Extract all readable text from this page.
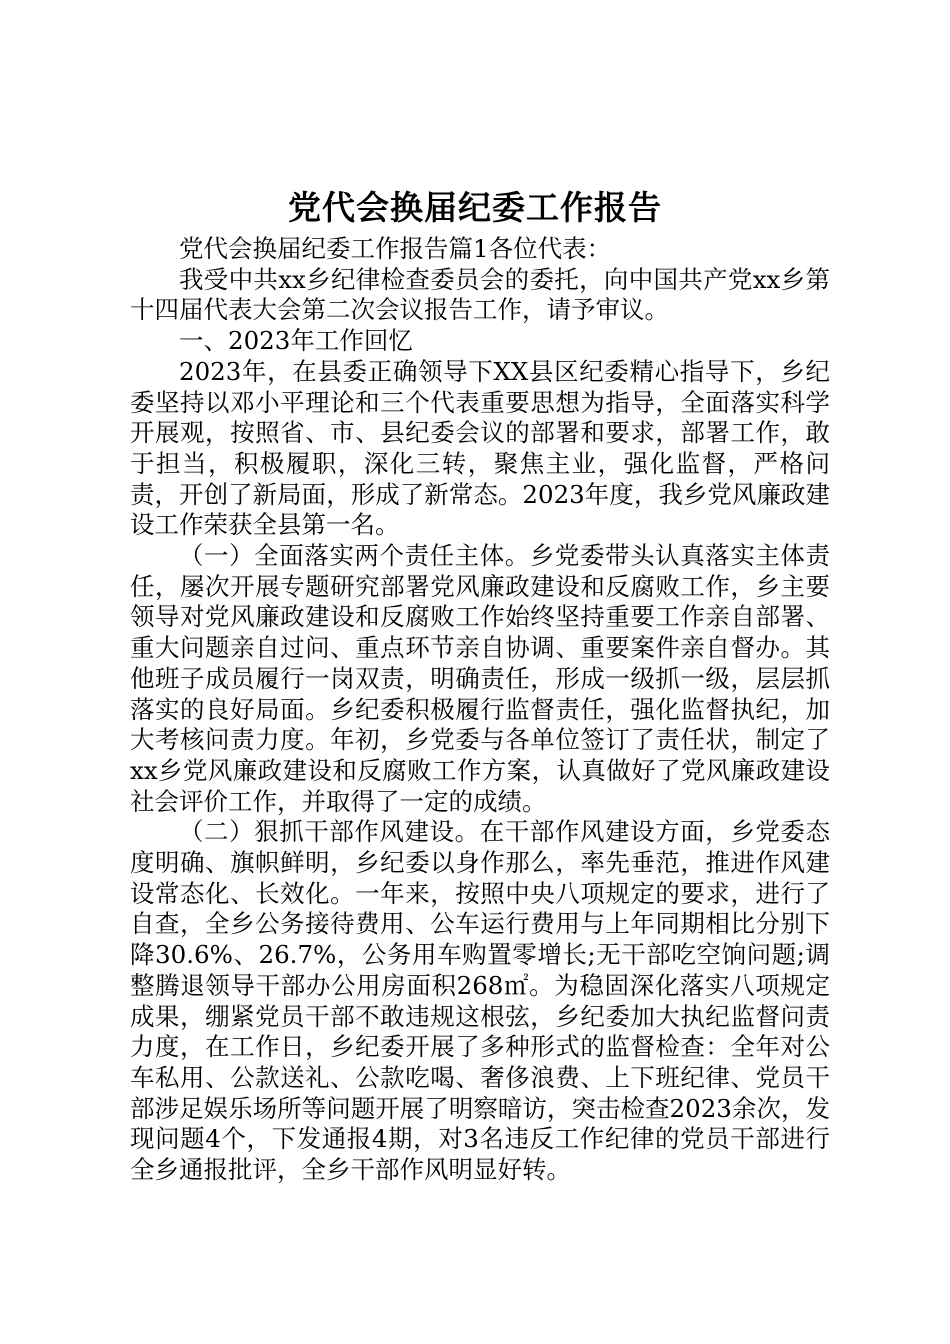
党代会换届纪委工作报告

党代会换届纪委工作报告篇1各位代表：

我受中共xx乡纪律检查委员会的委托，向中国共产党xx乡第十四届代表大会第二次会议报告工作，请予审议。

一、2023年工作回忆

2023年，在县委正确领导下XX县区纪委精心指导下，乡纪委坚持以邓小平理论和三个代表重要思想为指导，全面落实科学开展观，按照省、市、县纪委会议的部署和要求，部署工作，敢于担当，积极履职，深化三转，聚焦主业，强化监督，严格问责，开创了新局面，形成了新常态。2023年度，我乡党风廉政建设工作荣获全县第一名。

（一）全面落实两个责任主体。乡党委带头认真落实主体责任，屡次开展专题研究部署党风廉政建设和反腐败工作，乡主要领导对党风廉政建设和反腐败工作始终坚持重要工作亲自部署、重大问题亲自过问、重点环节亲自协调、重要案件亲自督办。其他班子成员履行一岗双责，明确责任，形成一级抓一级，层层抓落实的良好局面。乡纪委积极履行监督责任，强化监督执纪，加大考核问责力度。年初，乡党委与各单位签订了责任状，制定了xx乡党风廉政建设和反腐败工作方案，认真做好了党风廉政建设社会评价工作，并取得了一定的成绩。

（二）狠抓干部作风建设。在干部作风建设方面，乡党委态度明确、旗帜鲜明，乡纪委以身作那么，率先垂范，推进作风建设常态化、长效化。一年来，按照中央八项规定的要求，进行了自查，全乡公务接待费用、公车运行费用与上年同期相比分别下降30.6%、26.7%，公务用车购置零增长;无干部吃空饷问题;调整腾退领导干部办公用房面积268㎡。为稳固深化落实八项规定成果，绷紧党员干部不敢违规这根弦，乡纪委加大执纪监督问责力度，在工作日，乡纪委开展了多种形式的监督检查：全年对公车私用、公款送礼、公款吃喝、奢侈浪费、上下班纪律、党员干部涉足娱乐场所等问题开展了明察暗访，突击检查2023余次，发现问题4个，下发通报4期，对3名违反工作纪律的党员干部进行全乡通报批评，全乡干部作风明显好转。
